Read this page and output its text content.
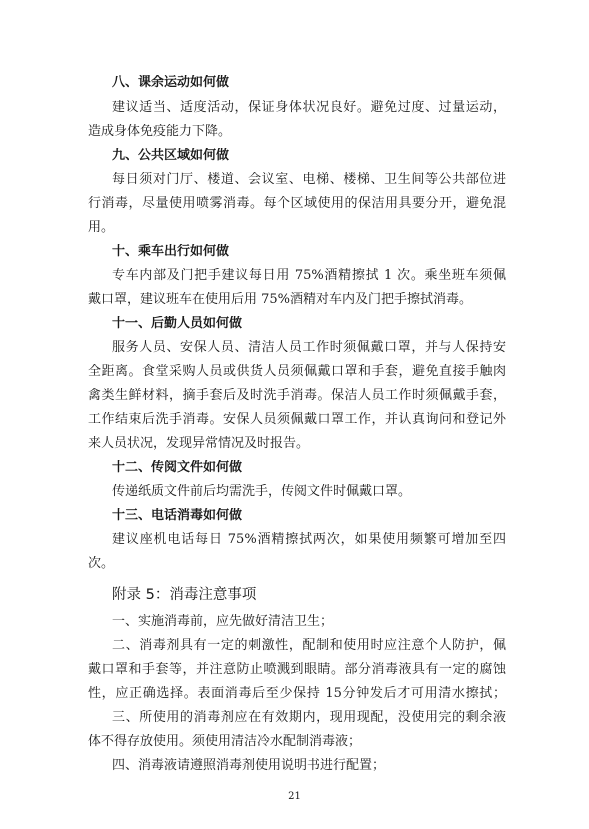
八、课余运动如何做
建议适当、适度活动，保证身体状况良好。避免过度、过量运动，
造成身体免疫能力下降。
九、公共区域如何做
每日须对门厅、楼道、会议室、电梯、楼梯、卫生间等公共部位进
行消毒，尽量使用喷雾消毒。每个区域使用的保洁用具要分开，避免混
用。
十、乘车出行如何做
专车内部及门把手建议每日用 75%酒精擦拭 1 次。乘坐班车须佩
戴口罩，建议班车在使用后用 75%酒精对车内及门把手擦拭消毒。
十一、后勤人员如何做
服务人员、安保人员、清洁人员工作时须佩戴口罩，并与人保持安
全距离。食堂采购人员或供货人员须佩戴口罩和手套，避免直接手触肉
禽类生鲜材料，摘手套后及时洗手消毒。保洁人员工作时须佩戴手套，
工作结束后洗手消毒。安保人员须佩戴口罩工作，并认真询问和登记外
来人员状况，发现异常情况及时报告。
十二、传阅文件如何做
传递纸质文件前后均需洗手，传阅文件时佩戴口罩。
十三、电话消毒如何做
建议座机电话每日 75%酒精擦拭两次，如果使用频繁可增加至四
次。
附录 5：消毒注意事项
一、实施消毒前，应先做好清洁卫生；
二、消毒剂具有一定的刺激性，配制和使用时应注意个人防护，佩
戴口罩和手套等，并注意防止喷溅到眼睛。部分消毒液具有一定的腐蚀
性，应正确选择。表面消毒后至少保持 15分钟发后才可用清水擦拭；
三、所使用的消毒剂应在有效期内，现用现配，没使用完的剩余液
体不得存放使用。须使用清洁冷水配制消毒液；
四、消毒液请遵照消毒剂使用说明书进行配置；
21
